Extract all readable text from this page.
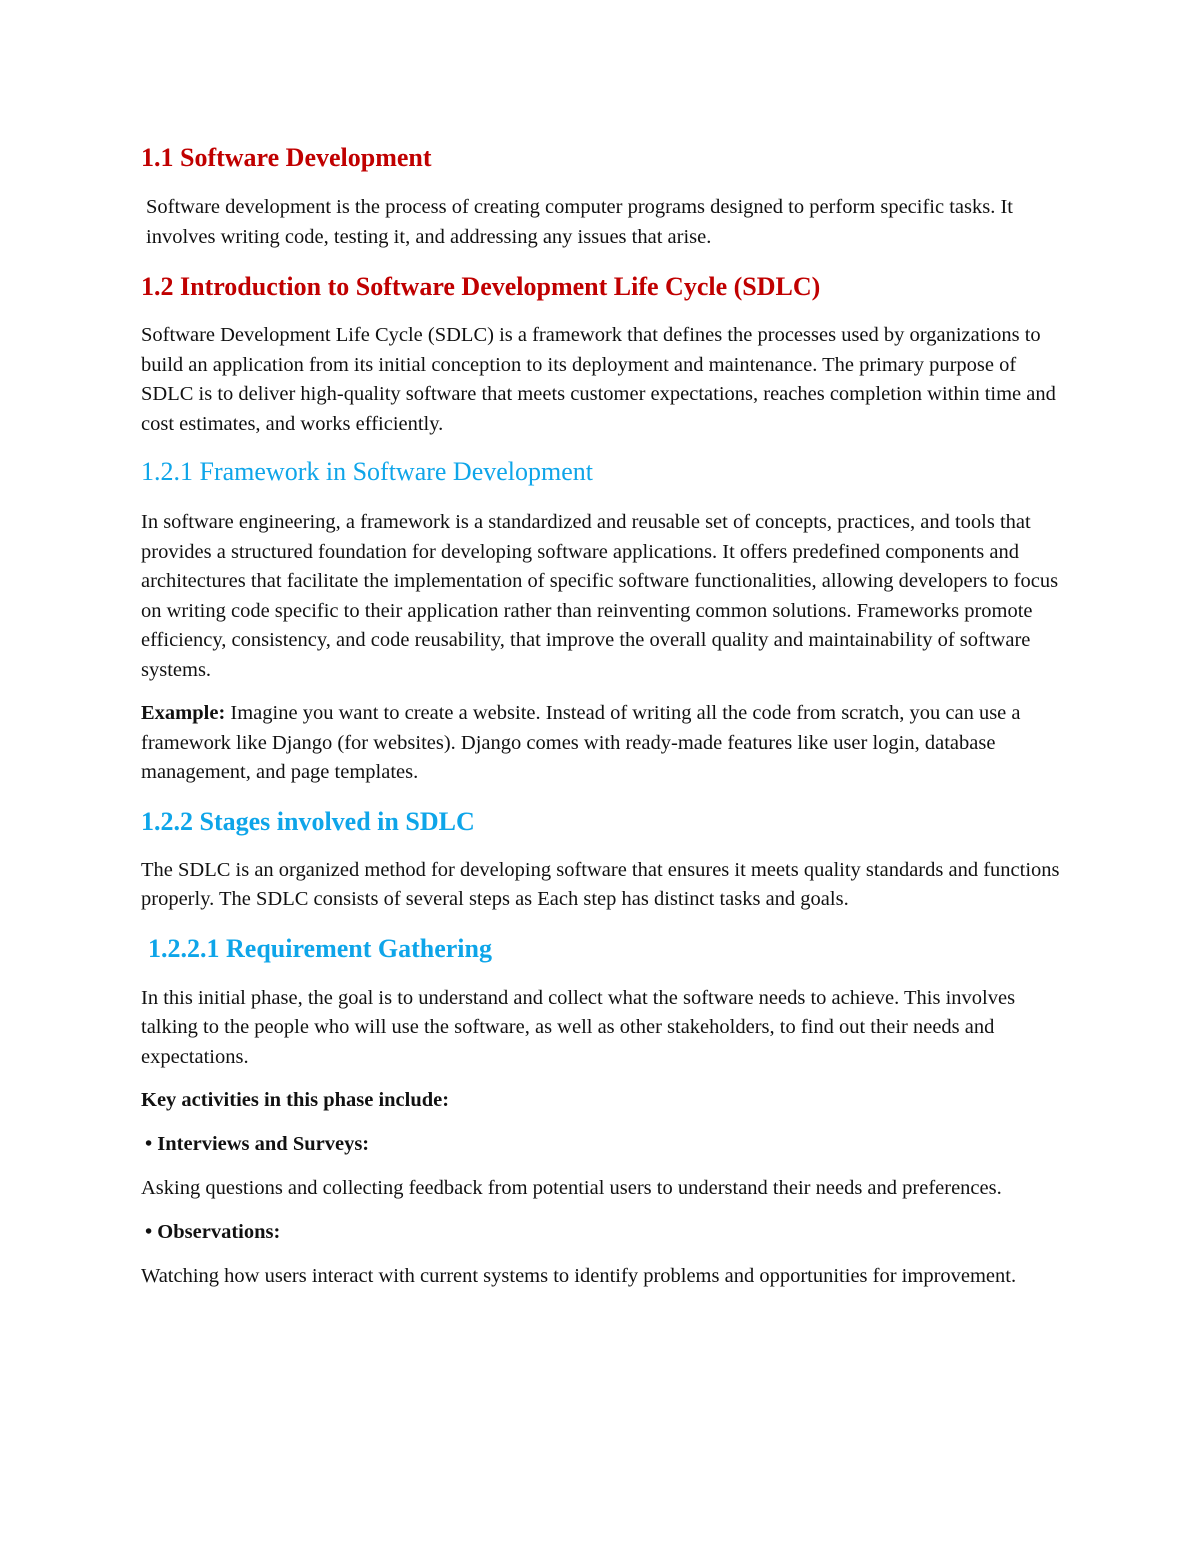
1.1 Software Development

Software development is the process of creating computer programs designed to perform specific tasks. It involves writing code, testing it, and addressing any issues that arise.

1.2 Introduction to Software Development Life Cycle (SDLC)

Software Development Life Cycle (SDLC) is a framework that defines the processes used by organizations to build an application from its initial conception to its deployment and maintenance. The primary purpose of SDLC is to deliver high-quality software that meets customer expectations, reaches completion within time and cost estimates, and works efficiently.

1.2.1 Framework in Software Development

In software engineering, a framework is a standardized and reusable set of concepts, practices, and tools that provides a structured foundation for developing software applications. It offers predefined components and architectures that facilitate the implementation of specific software functionalities, allowing developers to focus on writing code specific to their application rather than reinventing common solutions. Frameworks promote efficiency, consistency, and code reusability, that improve the overall quality and maintainability of software systems.

Example: Imagine you want to create a website. Instead of writing all the code from scratch, you can use a framework like Django (for websites). Django comes with ready-made features like user login, database management, and page templates.

1.2.2 Stages involved in SDLC

The SDLC is an organized method for developing software that ensures it meets quality standards and functions properly. The SDLC consists of several steps as Each step has distinct tasks and goals.

1.2.2.1 Requirement Gathering

In this initial phase, the goal is to understand and collect what the software needs to achieve. This involves talking to the people who will use the software, as well as other stakeholders, to find out their needs and expectations.

Key activities in this phase include:

• Interviews and Surveys:

Asking questions and collecting feedback from potential users to understand their needs and preferences.

• Observations:

Watching how users interact with current systems to identify problems and opportunities for improvement.
